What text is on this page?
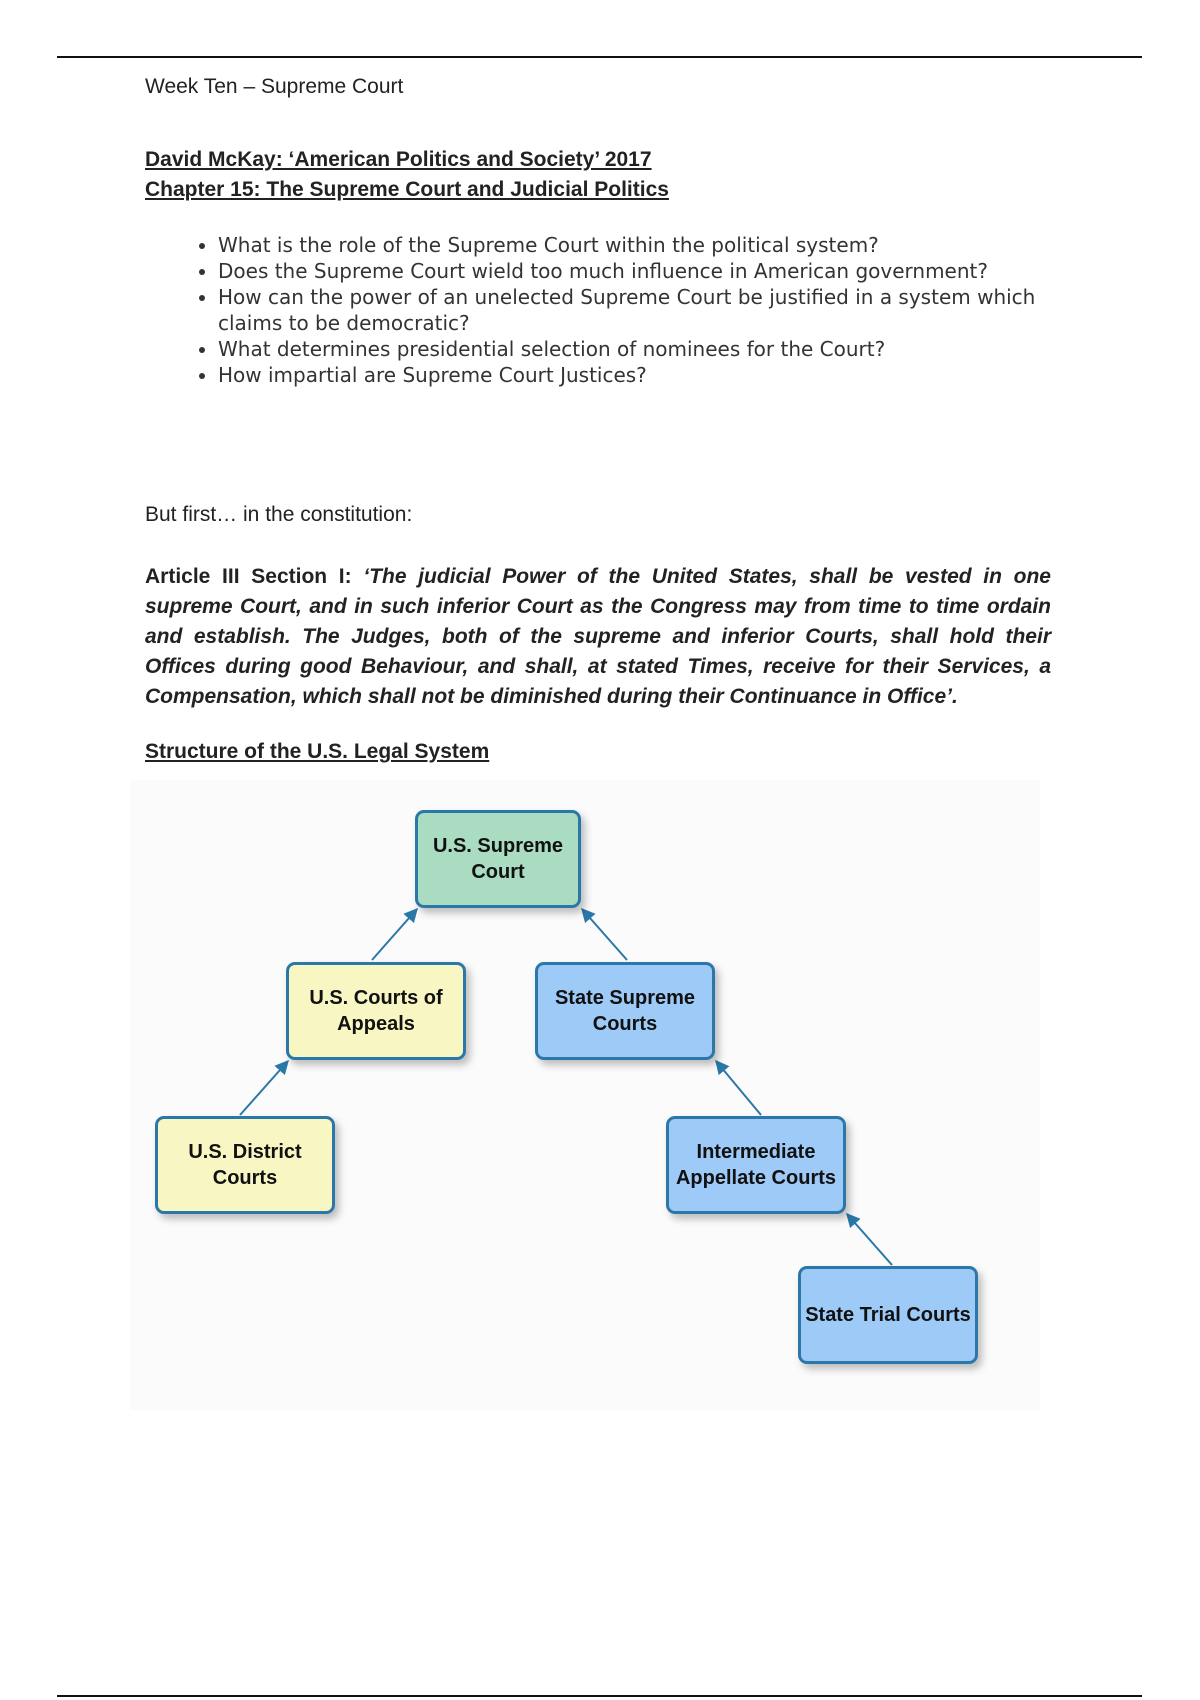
Week Ten – Supreme Court
David McKay: ‘American Politics and Society’ 2017
Chapter 15: The Supreme Court and Judicial Politics
• What is the role of the Supreme Court within the political system?
• Does the Supreme Court wield too much influence in American government?
• How can the power of an unelected Supreme Court be justified in a system which claims to be democratic?
• What determines presidential selection of nominees for the Court?
• How impartial are Supreme Court Justices?
But first… in the constitution:
Article III Section I: ‘The judicial Power of the United States, shall be vested in one supreme Court, and in such inferior Court as the Congress may from time to time ordain and establish. The Judges, both of the supreme and inferior Courts, shall hold their Offices during good Behaviour, and shall, at stated Times, receive for their Services, a Compensation, which shall not be diminished during their Continuance in Office’.
Structure of the U.S. Legal System
U.S. Supreme Court
U.S. Courts of Appeals
State Supreme Courts
U.S. District Courts
Intermediate Appellate Courts
State Trial Courts
